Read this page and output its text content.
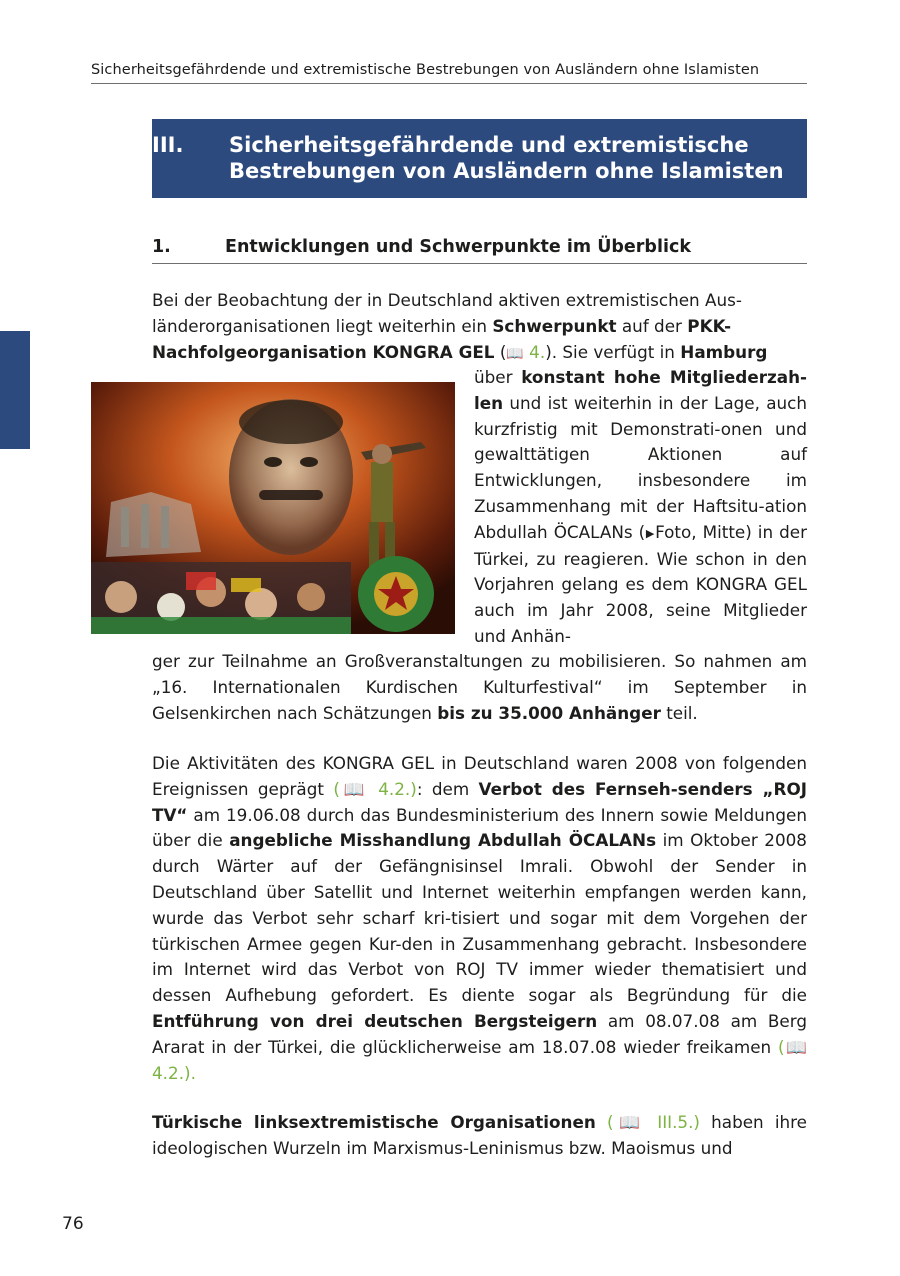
Sicherheitsgefährdende und extremistische Bestrebungen von Ausländern ohne Islamisten
III. Sicherheitsgefährdende und extremistische Bestrebungen von Ausländern ohne Islamisten
1.	Entwicklungen und Schwerpunkte im Überblick
Bei der Beobachtung der in Deutschland aktiven extremistischen Aus-
länderorganisationen liegt weiterhin ein Schwerpunkt auf der PKK-
Nachfolgeorganisation KONGRA GEL (📖 4.). Sie verfügt in Hamburg
über konstant hohe Mitgliederzah-len und ist weiterhin in der Lage, auch kurzfristig mit Demonstrati-onen und gewalttätigen Aktionen auf Entwicklungen, insbesondere im Zusammenhang mit der Haftsitu-ation Abdullah ÖCALANs (▶Foto, Mitte) in der Türkei, zu reagieren. Wie schon in den Vorjahren gelang es dem KONGRA GEL auch im Jahr 2008, seine Mitglieder und Anhän-
ger zur Teilnahme an Großveranstaltungen zu mobilisieren. So nahmen am „16. Internationalen Kurdischen Kulturfestival“ im September in Gelsenkirchen nach Schätzungen bis zu 35.000 Anhänger teil.
Die Aktivitäten des KONGRA GEL in Deutschland waren 2008 von folgenden Ereignissen geprägt (📖 4.2.): dem Verbot des Fernseh-senders „ROJ TV“ am 19.06.08 durch das Bundesministerium des Innern sowie Meldungen über die angebliche Misshandlung Abdullah ÖCALANs im Oktober 2008 durch Wärter auf der Gefängnisinsel Imrali. Obwohl der Sender in Deutschland über Satellit und Internet weiterhin empfangen werden kann, wurde das Verbot sehr scharf kri-tisiert und sogar mit dem Vorgehen der türkischen Armee gegen Kur-den in Zusammenhang gebracht. Insbesondere im Internet wird das Verbot von ROJ TV immer wieder thematisiert und dessen Aufhebung gefordert. Es diente sogar als Begründung für die Entführung von drei deutschen Bergsteigern am 08.07.08 am Berg Ararat in der Türkei, die glücklicherweise am 18.07.08 wieder freikamen (📖 4.2.).
Türkische linksextremistische Organisationen (📖 III.5.) haben ihre ideologischen Wurzeln im Marxismus-Leninismus bzw. Maoismus und
76
